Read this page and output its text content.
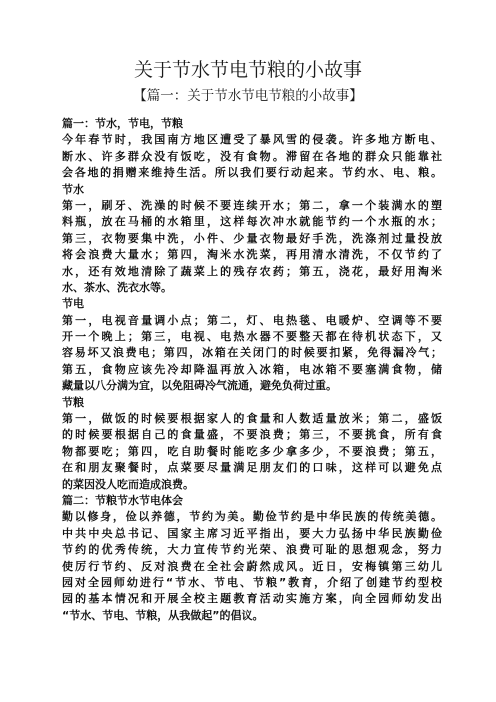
关于节水节电节粮的小故事
【篇一：关于节水节电节粮的小故事】
篇一：节水，节电，节粮
今年春节时，我国南方地区遭受了暴风雪的侵袭。许多地方断电、
断水、许多群众没有饭吃，没有食物。滞留在各地的群众只能靠社
会各地的捐赠来维持生活。所以我们要行动起来。节约水、电、粮。
节水
第一，刷牙、洗澡的时候不要连续开水；第二，拿一个装满水的塑
料瓶，放在马桶的水箱里，这样每次冲水就能节约一个水瓶的水；
第三，衣物要集中洗，小件、少量衣物最好手洗，洗涤剂过量投放
将会浪费大量水；第四，淘米水洗菜，再用清水清洗，不仅节约了
水，还有效地清除了蔬菜上的残存农药；第五，浇花，最好用淘米
水、茶水、洗衣水等。
节电
第一，电视音量调小点；第二，灯、电热毯、电暖炉、空调等不要
开一个晚上；第三，电视、电热水器不要整天都在待机状态下，又
容易坏又浪费电；第四，冰箱在关闭门的时候要扣紧，免得漏冷气；
第五，食物应该先冷却降温再放入冰箱，电冰箱不要塞满食物，储
藏量以八分满为宜，以免阻碍冷气流通，避免负荷过重。
节粮
第一，做饭的时候要根据家人的食量和人数适量放米；第二，盛饭
的时候要根据自己的食量盛，不要浪费；第三，不要挑食，所有食
物都要吃；第四，吃自助餐时能吃多少拿多少，不要浪费；第五，
在和朋友聚餐时，点菜要尽量满足朋友们的口味，这样可以避免点
的菜因没人吃而造成浪费。
篇二：节粮节水节电体会
勤以修身，俭以养德，节约为美。勤俭节约是中华民族的传统美德。
中共中央总书记、国家主席习近平指出，要大力弘扬中华民族勤俭
节约的优秀传统，大力宣传节约光荣、浪费可耻的思想观念，努力
使厉行节约、反对浪费在全社会蔚然成风。近日，安梅镇第三幼儿
园对全园师幼进行“节水、节电、节粮”教育，介绍了创建节约型校
园的基本情况和开展全校主题教育活动实施方案，向全园师幼发出
“节水、节电、节粮，从我做起”的倡议。
